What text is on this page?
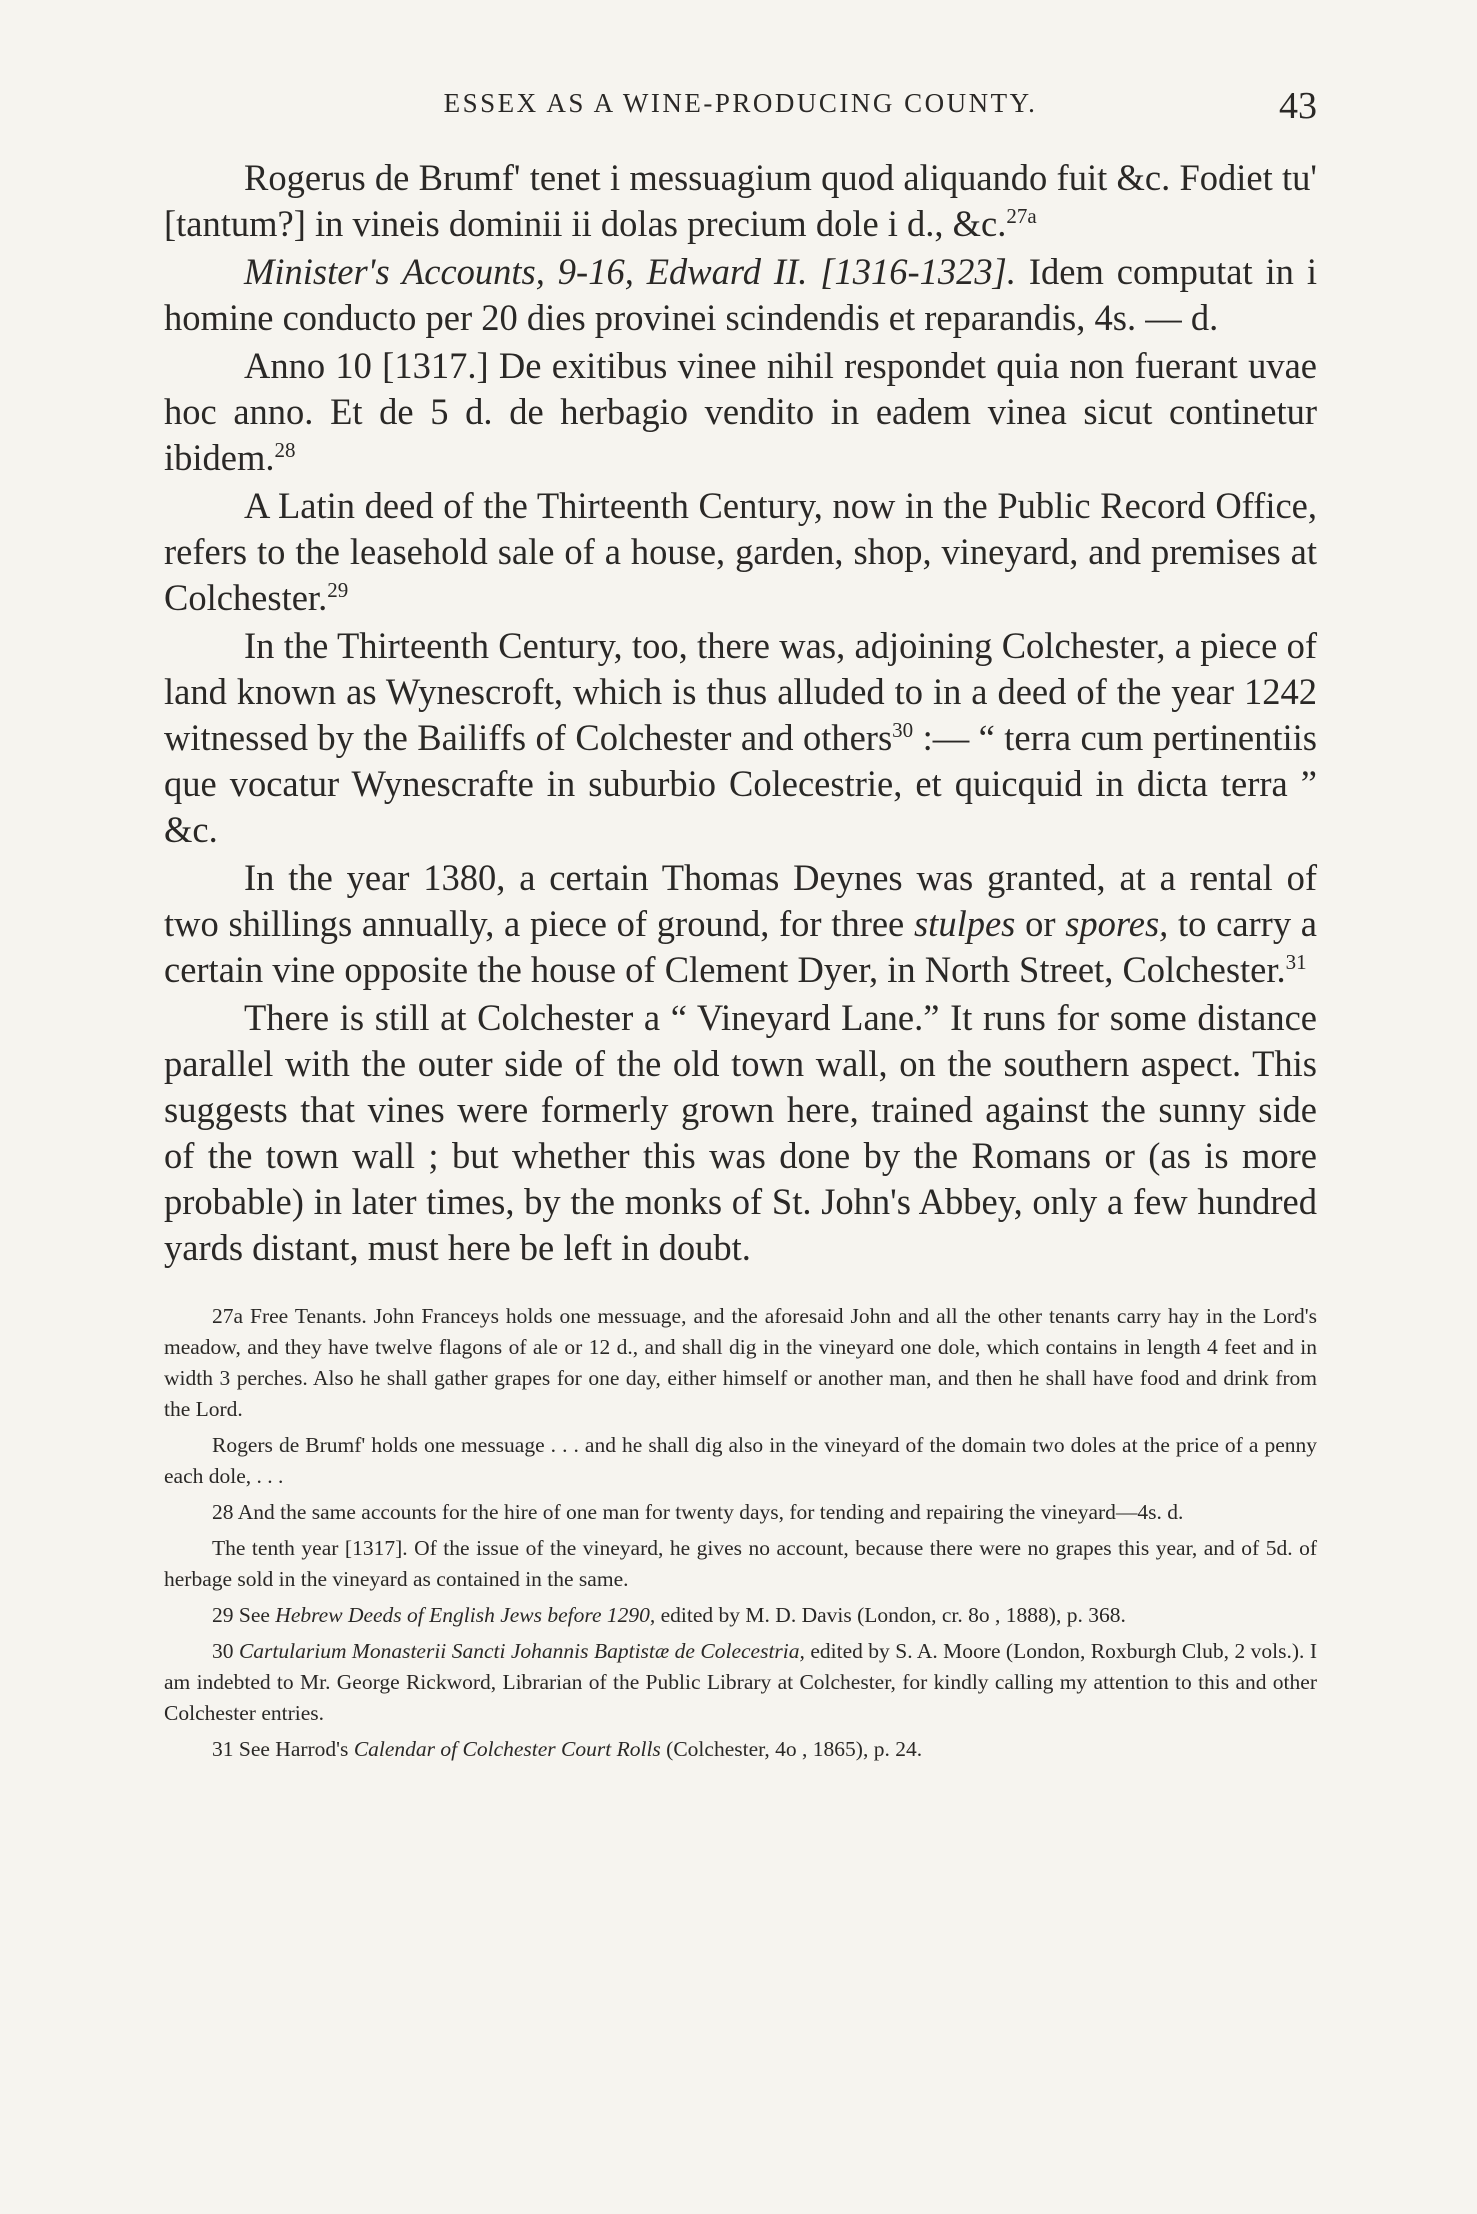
ESSEX AS A WINE-PRODUCING COUNTY.	43

Rogerus de Brumf' tenet i messuagium quod aliquando fuit &c. Fodiet tu' [tantum?] in vineis dominii ii dolas precium dole i d., &c.$^{27a}$

Minister's Accounts, 9-16, Edward II. [1316-1323]. Idem computat in i homine conducto per 20 dies provinei scindendis et reparandis, 4s. — d.

Anno 10 [1317.] De exitibus vinee nihil respondet quia non fuerant uvae hoc anno. Et de 5 d. de herbagio vendito in eadem vinea sicut continetur ibidem.$^{28}$

A Latin deed of the Thirteenth Century, now in the Public Record Office, refers to the leasehold sale of a house, garden, shop, vineyard, and premises at Colchester.$^{29}$

In the Thirteenth Century, too, there was, adjoining Colchester, a piece of land known as Wynescroft, which is thus alluded to in a deed of the year 1242 witnessed by the Bailiffs of Colchester and others$^{30}$ :— “ terra cum pertinentiis que vocatur Wynescrafte in suburbio Colecestrie, et quicquid in dicta terra ” &c.

In the year 1380, a certain Thomas Deynes was granted, at a rental of two shillings annually, a piece of ground, for three stulpes or spores, to carry a certain vine opposite the house of Clement Dyer, in North Street, Colchester.$^{31}$

There is still at Colchester a “ Vineyard Lane.” It runs for some distance parallel with the outer side of the old town wall, on the southern aspect. This suggests that vines were formerly grown here, trained against the sunny side of the town wall ; but whether this was done by the Romans or (as is more probable) in later times, by the monks of St. John's Abbey, only a few hundred yards distant, must here be left in doubt.

27a Free Tenants. John Franceys holds one messuage, and the aforesaid John and all the other tenants carry hay in the Lord's meadow, and they have twelve flagons of ale or 12 d., and shall dig in the vineyard one dole, which contains in length 4 feet and in width 3 perches. Also he shall gather grapes for one day, either himself or another man, and then he shall have food and drink from the Lord.

Rogers de Brumf' holds one messuage . . . and he shall dig also in the vineyard of the domain two doles at the price of a penny each dole, . . .

28 And the same accounts for the hire of one man for twenty days, for tending and repairing the vineyard—4s. d.

The tenth year [1317]. Of the issue of the vineyard, he gives no account, because there were no grapes this year, and of 5d. of herbage sold in the vineyard as contained in the same.

29 See Hebrew Deeds of English Jews before 1290, edited by M. D. Davis (London, cr. 8o , 1888), p. 368.

30 Cartularium Monasterii Sancti Johannis Baptistæ de Colecestria, edited by S. A. Moore (London, Roxburgh Club, 2 vols.). I am indebted to Mr. George Rickword, Librarian of the Public Library at Colchester, for kindly calling my attention to this and other Colchester entries.

31 See Harrod's Calendar of Colchester Court Rolls (Colchester, 4o , 1865), p. 24.
